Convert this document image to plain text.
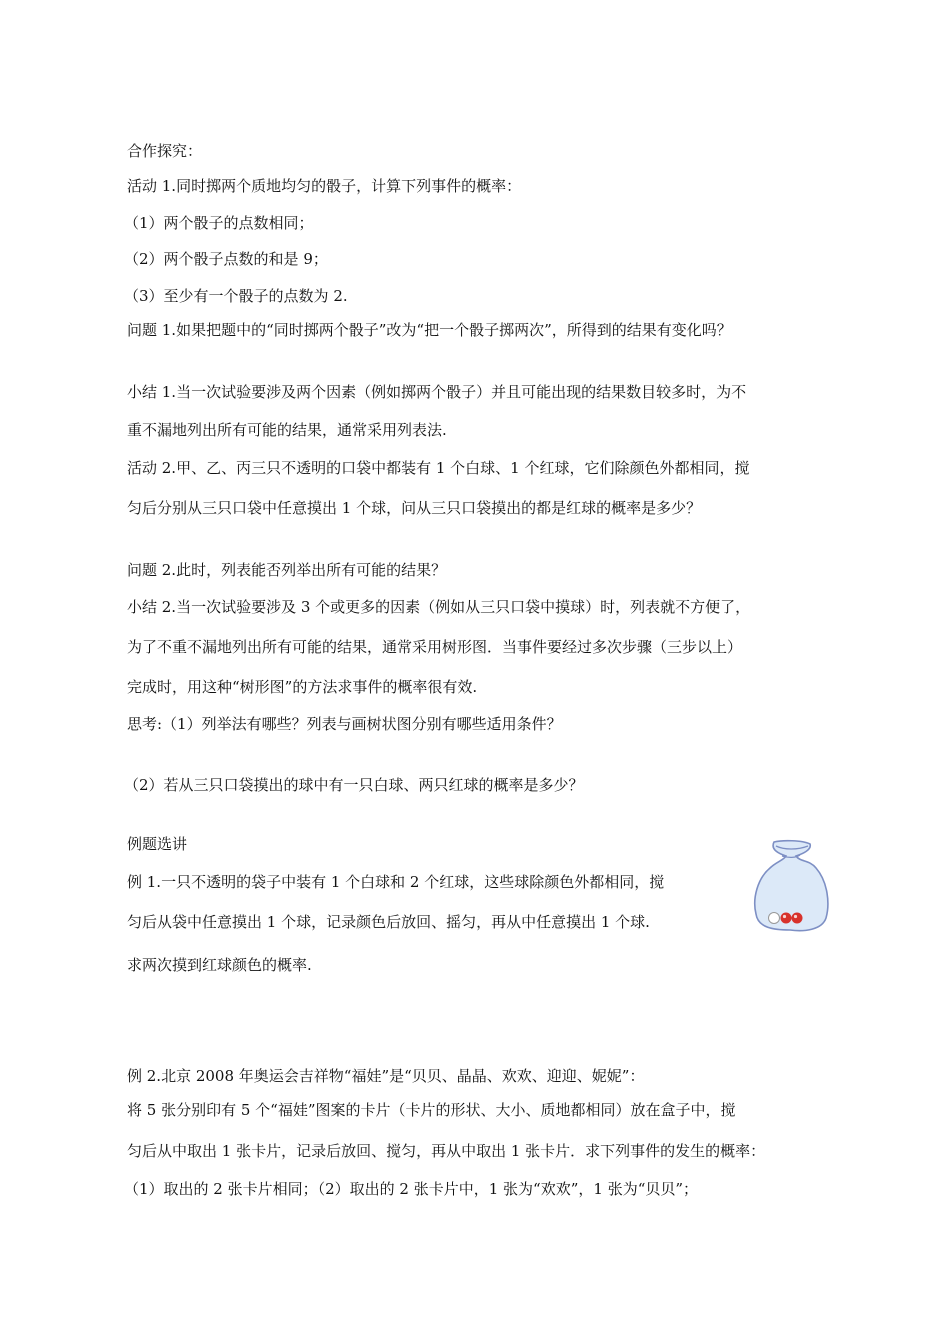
合作探究：
活动 1.同时掷两个质地均匀的骰子，计算下列事件的概率：
（1）两个骰子的点数相同；
（2）两个骰子点数的和是 9；
（3）至少有一个骰子的点数为 2.
问题 1.如果把题中的“同时掷两个骰子”改为“把一个骰子掷两次”，所得到的结果有变化吗？
小结 1.当一次试验要涉及两个因素（例如掷两个骰子）并且可能出现的结果数目较多时，为不
重不漏地列出所有可能的结果，通常采用列表法.
活动 2.甲、乙、丙三只不透明的口袋中都装有 1 个白球、1 个红球，它们除颜色外都相同，搅
匀后分别从三只口袋中任意摸出 1 个球，问从三只口袋摸出的都是红球的概率是多少？
问题 2.此时，列表能否列举出所有可能的结果？
小结 2.当一次试验要涉及 3 个或更多的因素（例如从三只口袋中摸球）时，列表就不方便了，
为了不重不漏地列出所有可能的结果，通常采用树形图．当事件要经过多次步骤（三步以上）
完成时，用这种“树形图”的方法求事件的概率很有效.
思考:（1）列举法有哪些？列表与画树状图分别有哪些适用条件？
（2）若从三只口袋摸出的球中有一只白球、两只红球的概率是多少？
例题选讲
例 1.一只不透明的袋子中装有 1 个白球和 2 个红球，这些球除颜色外都相同，搅
匀后从袋中任意摸出 1 个球，记录颜色后放回、摇匀，再从中任意摸出 1 个球.
求两次摸到红球颜色的概率.
例 2.北京 2008 年奥运会吉祥物“福娃”是“贝贝、晶晶、欢欢、迎迎、妮妮”：
将 5 张分别印有 5 个“福娃”图案的卡片（卡片的形状、大小、质地都相同）放在盒子中，搅
匀后从中取出 1 张卡片，记录后放回、搅匀，再从中取出 1 张卡片．求下列事件的发生的概率：
（1）取出的 2 张卡片相同；（2）取出的 2 张卡片中，1 张为“欢欢”，1 张为“贝贝”；
